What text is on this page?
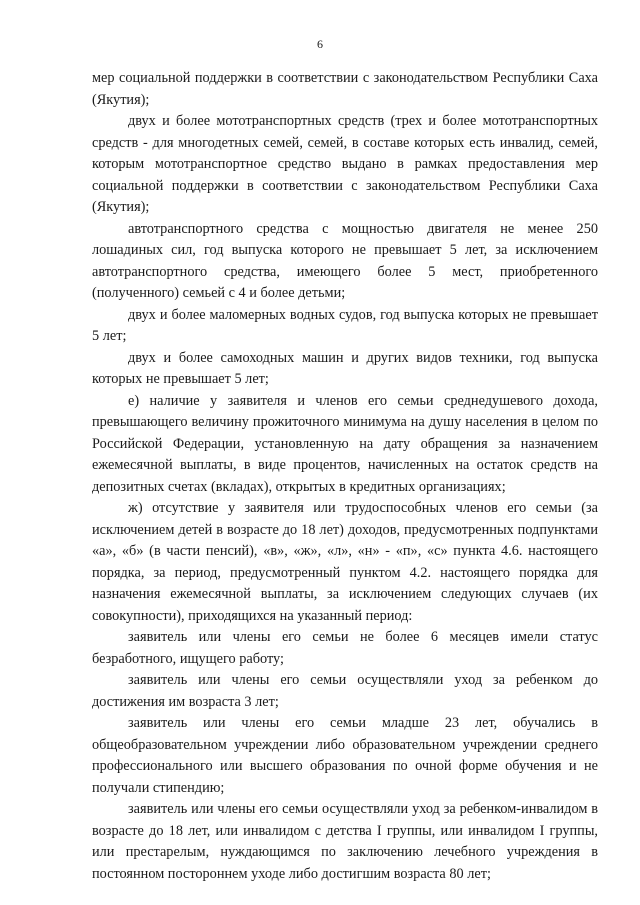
6

мер социальной поддержки в соответствии с законодательством Республики Саха (Якутия);

двух и более мототранспортных средств (трех и более мототранспортных средств - для многодетных семей, семей, в составе которых есть инвалид, семей, которым мототранспортное средство выдано в рамках предоставления мер социальной поддержки в соответствии с законодательством Республики Саха (Якутия);

автотранспортного средства с мощностью двигателя не менее 250 лошадиных сил, год выпуска которого не превышает 5 лет, за исключением автотранспортного средства, имеющего более 5 мест, приобретенного (полученного) семьей с 4 и более детьми;

двух и более маломерных водных судов, год выпуска которых не превышает 5 лет;

двух и более самоходных машин и других видов техники, год выпуска которых не превышает 5 лет;

е) наличие у заявителя и членов его семьи среднедушевого дохода, превышающего величину прожиточного минимума на душу населения в целом по Российской Федерации, установленную на дату обращения за назначением ежемесячной выплаты, в виде процентов, начисленных на остаток средств на депозитных счетах (вкладах), открытых в кредитных организациях;

ж) отсутствие у заявителя или трудоспособных членов его семьи (за исключением детей в возрасте до 18 лет) доходов, предусмотренных подпунктами «а», «б» (в части пенсий), «в», «ж», «л», «н» - «п», «с» пункта 4.6. настоящего порядка, за период, предусмотренный пунктом 4.2. настоящего порядка для назначения ежемесячной выплаты, за исключением следующих случаев (их совокупности), приходящихся на указанный период:

заявитель или члены его семьи не более 6 месяцев имели статус безработного, ищущего работу;

заявитель или члены его семьи осуществляли уход за ребенком до достижения им возраста 3 лет;

заявитель или члены его семьи младше 23 лет, обучались в общеобразовательном учреждении либо образовательном учреждении среднего профессионального или высшего образования по очной форме обучения и не получали стипендию;

заявитель или члены его семьи осуществляли уход за ребенком-инвалидом в возрасте до 18 лет, или инвалидом с детства I группы, или инвалидом I группы, или престарелым, нуждающимся по заключению лечебного учреждения в постоянном постороннем уходе либо достигшим возраста 80 лет;
